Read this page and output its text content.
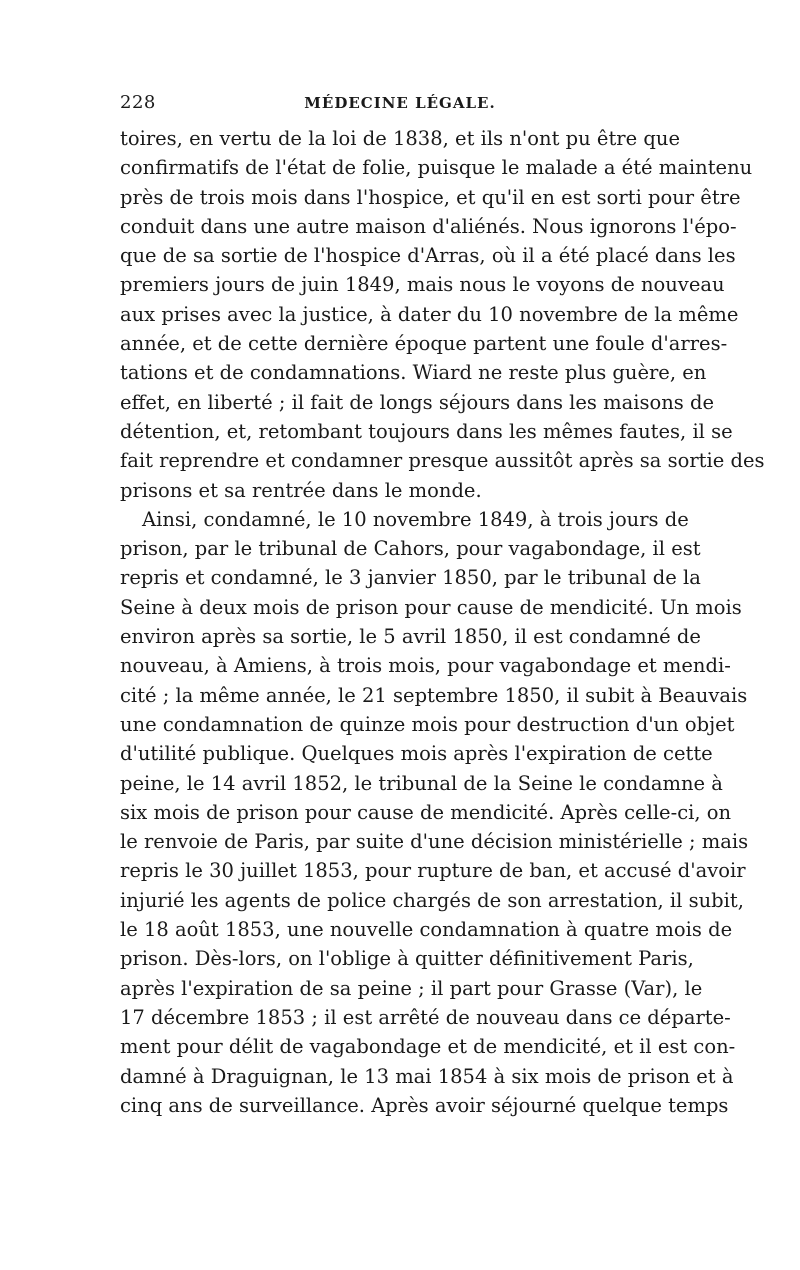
228	MÉDECINE LÉGALE.
toires, en vertu de la loi de 1838, et ils n'ont pu être que
confirmatifs de l'état de folie, puisque le malade a été maintenu
près de trois mois dans l'hospice, et qu'il en est sorti pour être
conduit dans une autre maison d'aliénés. Nous ignorons l'épo-
que de sa sortie de l'hospice d'Arras, où il a été placé dans les
premiers jours de juin 1849, mais nous le voyons de nouveau
aux prises avec la justice, à dater du 10 novembre de la même
année, et de cette dernière époque partent une foule d'arres-
tations et de condamnations. Wiard ne reste plus guère, en
effet, en liberté ; il fait de longs séjours dans les maisons de
détention, et, retombant toujours dans les mêmes fautes, il se
fait reprendre et condamner presque aussitôt après sa sortie des
prisons et sa rentrée dans le monde.
Ainsi, condamné, le 10 novembre 1849, à trois jours de
prison, par le tribunal de Cahors, pour vagabondage, il est
repris et condamné, le 3 janvier 1850, par le tribunal de la
Seine à deux mois de prison pour cause de mendicité. Un mois
environ après sa sortie, le 5 avril 1850, il est condamné de
nouveau, à Amiens, à trois mois, pour vagabondage et mendi-
cité ; la même année, le 21 septembre 1850, il subit à Beauvais
une condamnation de quinze mois pour destruction d'un objet
d'utilité publique. Quelques mois après l'expiration de cette
peine, le 14 avril 1852, le tribunal de la Seine le condamne à
six mois de prison pour cause de mendicité. Après celle-ci, on
le renvoie de Paris, par suite d'une décision ministérielle ; mais
repris le 30 juillet 1853, pour rupture de ban, et accusé d'avoir
injurié les agents de police chargés de son arrestation, il subit,
le 18 août 1853, une nouvelle condamnation à quatre mois de
prison. Dès-lors, on l'oblige à quitter définitivement Paris,
après l'expiration de sa peine ; il part pour Grasse (Var), le
17 décembre 1853 ; il est arrêté de nouveau dans ce départe-
ment pour délit de vagabondage et de mendicité, et il est con-
damné à Draguignan, le 13 mai 1854 à six mois de prison et à
cinq ans de surveillance. Après avoir séjourné quelque temps
